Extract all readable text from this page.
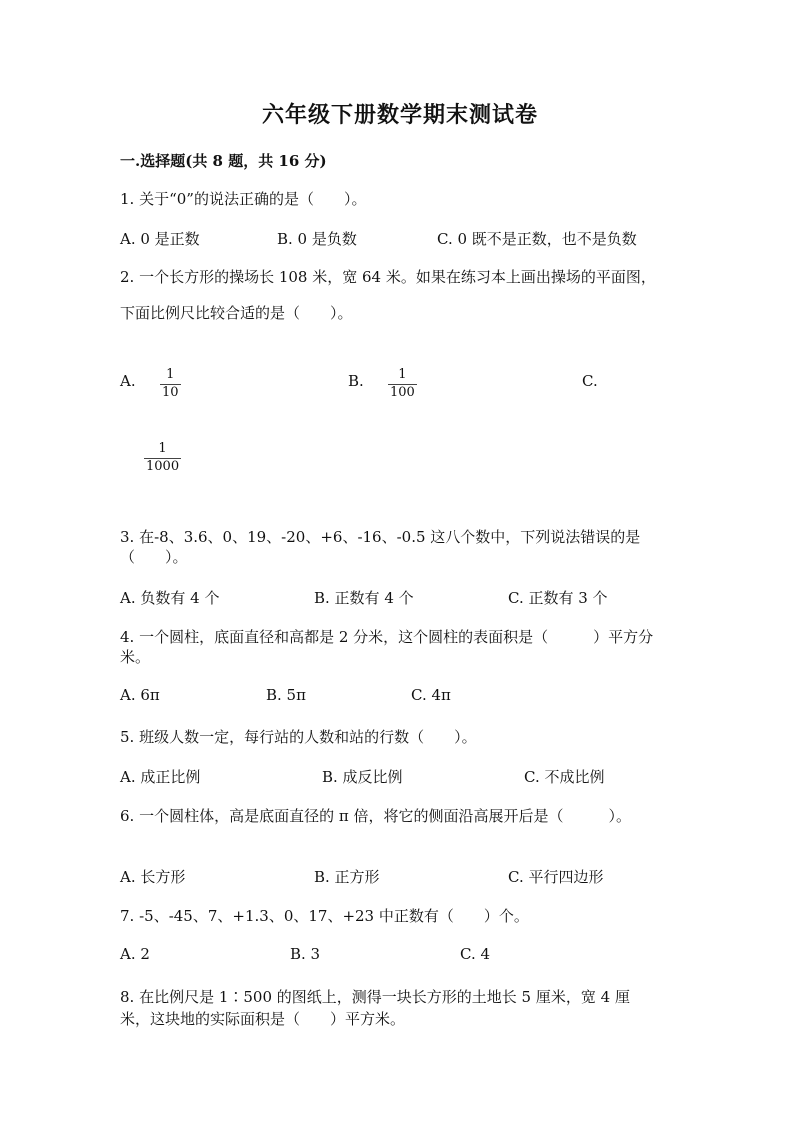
六年级下册数学期末测试卷
一.选择题(共 8 题，共 16 分)
1. 关于“0”的说法正确的是（　　）。
A. 0 是正数	B. 0 是负数	C. 0 既不是正数，也不是负数
2. 一个长方形的操场长 108 米，宽 64 米。如果在练习本上画出操场的平面图，
下面比例尺比较合适的是（　　）。
A. 1
10
B.	1
100
C.
1
1000
3. 在-8、3.6、0、19、-20、+6、-16、-0.5 这八个数中，下列说法错误的是
（　　）。
A. 负数有 4 个	B. 正数有 4 个	C. 正数有 3 个
4. 一个圆柱，底面直径和高都是 2 分米，这个圆柱的表面积是（　　　）平方分
米。
A. 6π	B. 5π	C. 4π
5. 班级人数一定，每行站的人数和站的行数（　　）。
A. 成正比例	B. 成反比例	C. 不成比例
6. 一个圆柱体，高是底面直径的 π 倍，将它的侧面沿高展开后是（　　　）。
A. 长方形	B. 正方形	C. 平行四边形
7. -5、-45、7、+1.3、0、17、+23 中正数有（　　）个。
A. 2	B. 3	C. 4
8. 在比例尺是 1∶500 的图纸上，测得一块长方形的土地长 5 厘米，宽 4 厘
米，这块地的实际面积是（　　）平方米。
